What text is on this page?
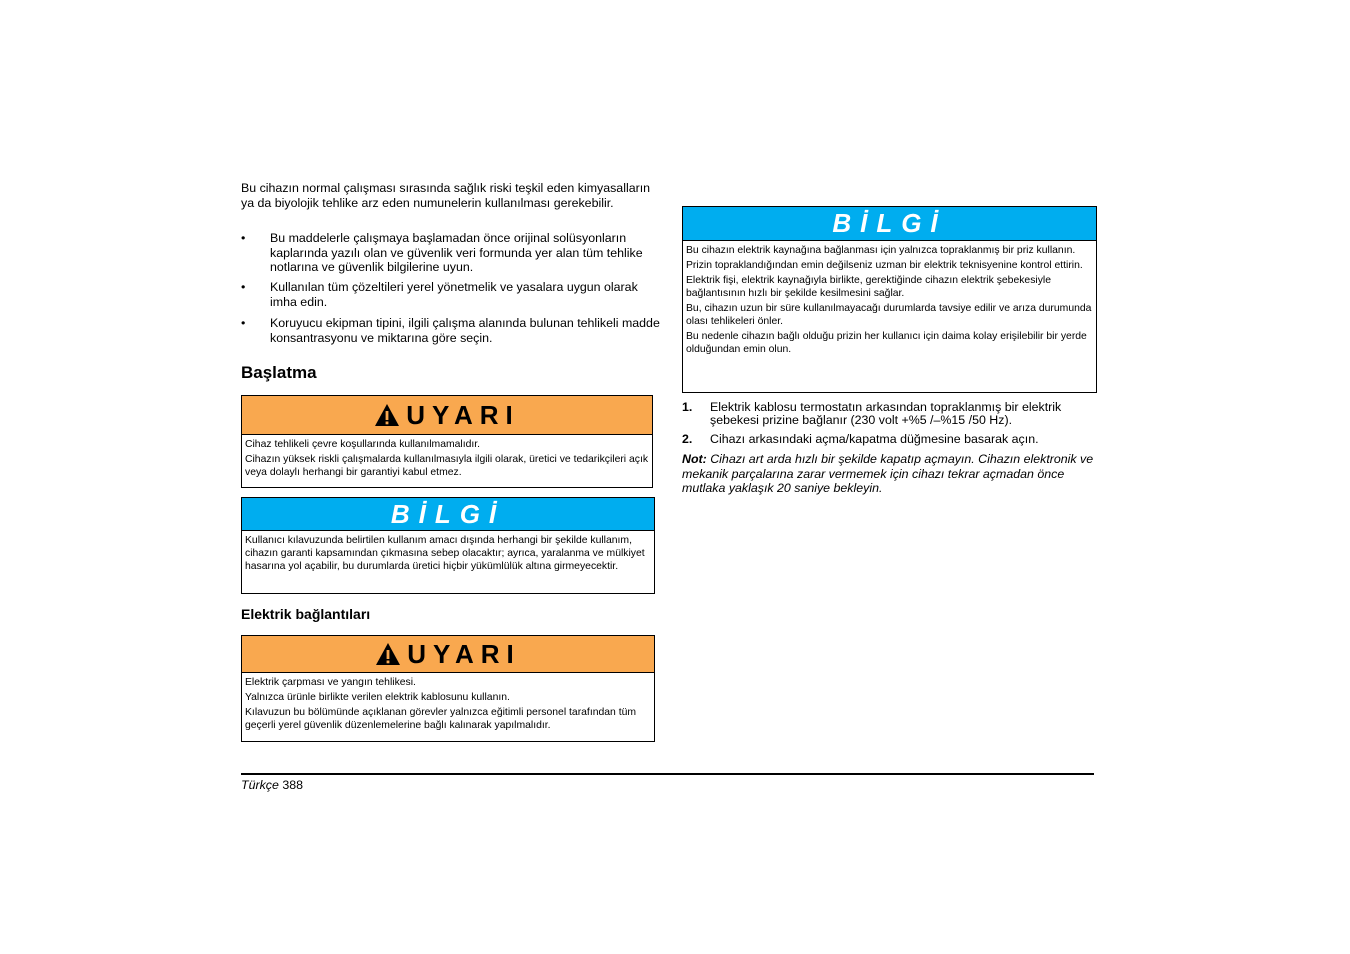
Bu cihazın normal çalışması sırasında sağlık riski teşkil eden kimyasalların ya da biyolojik tehlike arz eden numunelerin kullanılması gerekebilir.

• Bu maddelerle çalışmaya başlamadan önce orijinal solüsyonların kaplarında yazılı olan ve güvenlik veri formunda yer alan tüm tehlike notlarına ve güvenlik bilgilerine uyun.
• Kullanılan tüm çözeltileri yerel yönetmelik ve yasalara uygun olarak imha edin.
• Koruyucu ekipman tipini, ilgili çalışma alanında bulunan tehlikeli madde konsantrasyonu ve miktarına göre seçin.
Başlatma
UYARI

Cihaz tehlikeli çevre koşullarında kullanılmamalıdır.

Cihazın yüksek riskli çalışmalarda kullanılmasıyla ilgili olarak, üretici ve tedarikçileri açık veya dolaylı herhangi bir garantiyi kabul etmez.

BİLGİ

Kullanıcı kılavuzunda belirtilen kullanım amacı dışında herhangi bir şekilde kullanım, cihazın garanti kapsamından çıkmasına sebep olacaktır; ayrıca, yaralanma ve mülkiyet hasarına yol açabilir, bu durumlarda üretici hiçbir yükümlülük altına girmeyecektir.

Elektrik bağlantıları
UYARI

Elektrik çarpması ve yangın tehlikesi.

Yalnızca ürünle birlikte verilen elektrik kablosunu kullanın.

Kılavuzun bu bölümünde açıklanan görevler yalnızca eğitimli personel tarafından tüm geçerli yerel güvenlik düzenlemelerine bağlı kalınarak yapılmalıdır.

BİLGİ

Bu cihazın elektrik kaynağına bağlanması için yalnızca topraklanmış bir priz kullanın.

Prizin topraklandığından emin değilseniz uzman bir elektrik teknisyenine kontrol ettirin.

Elektrik fişi, elektrik kaynağıyla birlikte, gerektiğinde cihazın elektrik şebekesiyle bağlantısının hızlı bir şekilde kesilmesini sağlar.

Bu, cihazın uzun bir süre kullanılmayacağı durumlarda tavsiye edilir ve arıza durumunda olası tehlikeleri önler.

Bu nedenle cihazın bağlı olduğu prizin her kullanıcı için daima kolay erişilebilir bir yerde olduğundan emin olun.

1. Elektrik kablosu termostatın arkasından topraklanmış bir elektrik şebekesi prizine bağlanır (230 volt +%5 /–%15 /50 Hz).
2. Cihazı arkasındaki açma/kapatma düğmesine basarak açın.
Not: Cihazı art arda hızlı bir şekilde kapatıp açmayın. Cihazın elektronik ve mekanik parçalarına zarar vermemek için cihazı tekrar açmadan önce mutlaka yaklaşık 20 saniye bekleyin.
Türkçe 388
